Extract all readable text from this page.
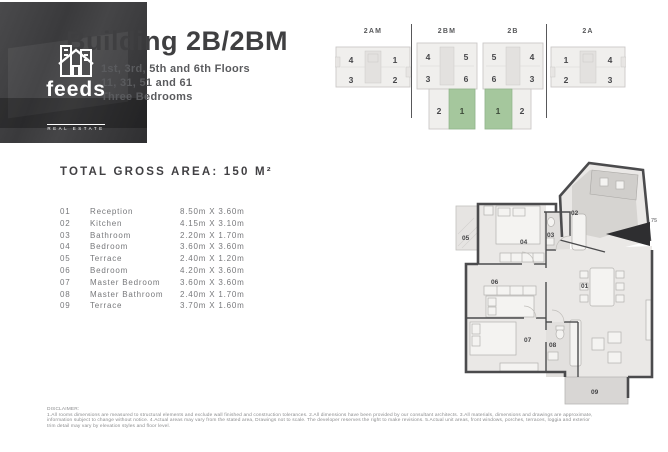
Building 2B/2BM
1st, 3rd, 5th and 6th Floors
11, 31, 51 and 61
Three Bedrooms
feeds

REAL ESTATE
2AM
4	1
3	2
2BM
4	5
3	6
2 1
2B
5	4
6	3
1 2
2A
1	4
2	3
TOTAL GROSS AREA: 150 M²
01	Reception	8.50m X 3.60m
02	Kitchen	4.15m X 3.10m
03	Bathroom	2.20m X 1.70m
04	Bedroom	3.60m X 3.60m
05	Terrace	2.40m X 1.20m
06	Bedroom	4.20m X 3.60m
07	Master Bedroom	3.60m X 3.60m
08	Master Bathroom	2.40m X 1.70m
09	Terrace	3.70m X 1.60m
01
02
03
04
05
06
07
08
09
75
DISCLAIMER:
1.All rooms dimensions are measured to structural elements and exclude wall finished and construction tolerances. 2.All dimensions have been provided by our consultant architects. 3.All materials, dimensions and drawings are approximate,
information subject to change without notice. 4.Actual areas may vary from the stated area, Drawings not to scale. The developer reserves the right to make revisions. 5.Actual unit areas, front windows, porches, terraces, loggia and exterior
trim detail may vary by elevation styles and floor level.
